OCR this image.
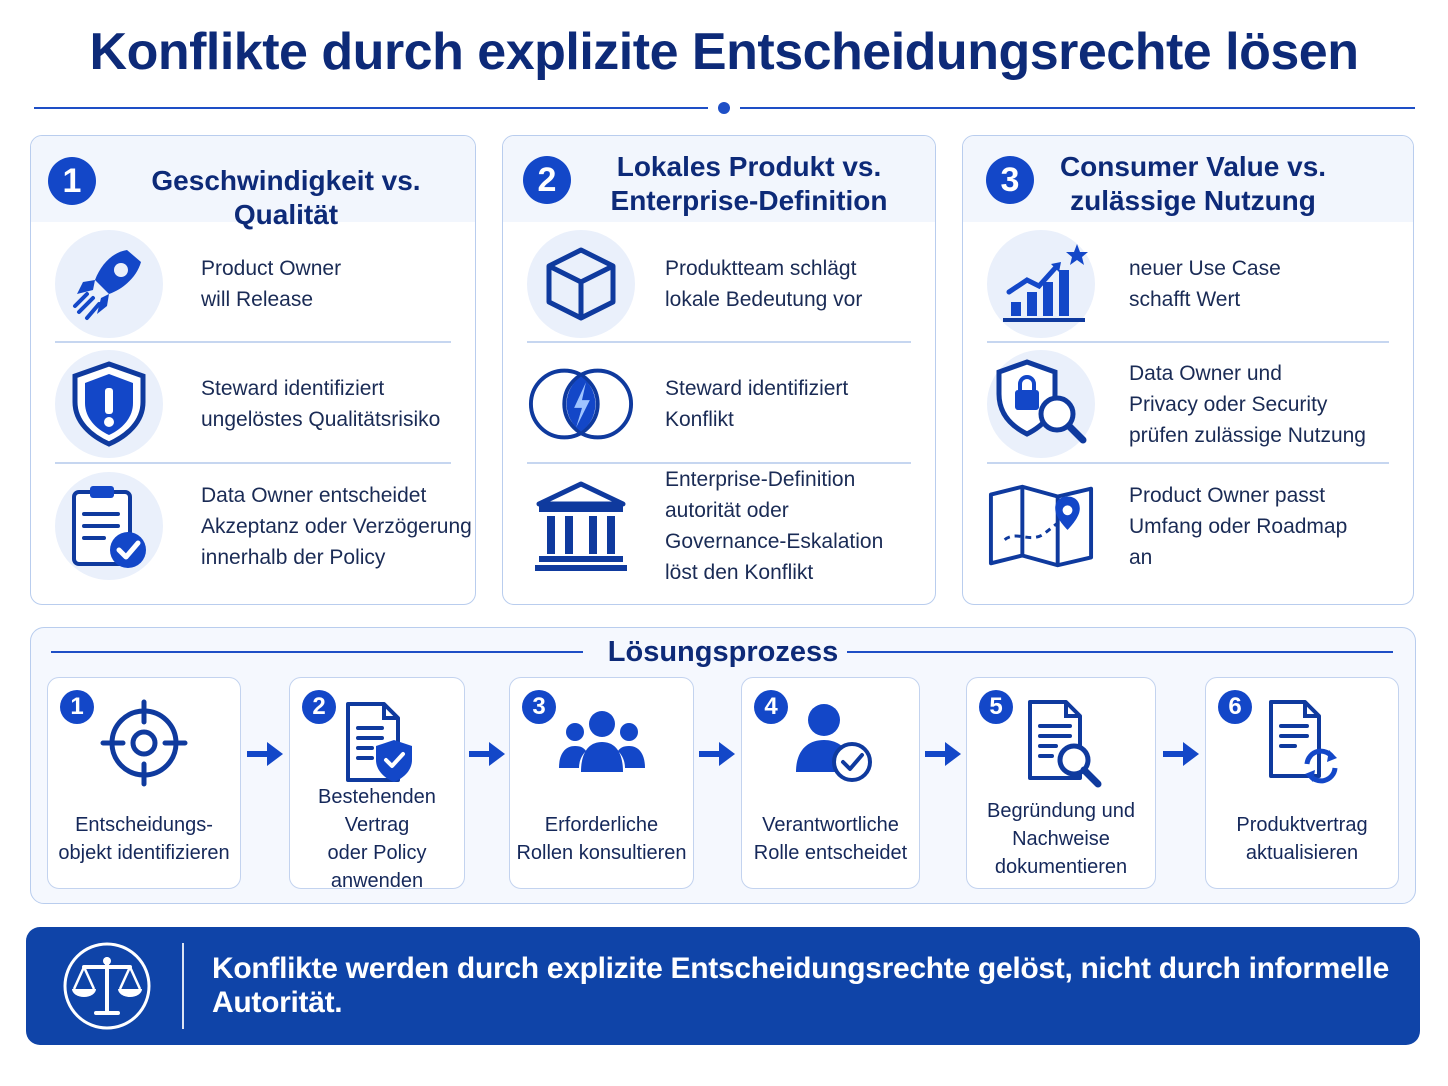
Konflikte durch explizite Entscheidungsrechte lösen
1	Geschwindigkeit vs. Qualität
Product Owner
will Release
Steward identifiziert
ungelöstes Qualitätsrisiko
Data Owner entscheidet
Akzeptanz oder Verzögerung
innerhalb der Policy
2	Lokales Produkt vs. Enterprise-Definition
Produktteam schlägt
lokale Bedeutung vor
Steward identifiziert
Konflikt
Enterprise-Definition
autorität oder
Governance-Eskalation
löst den Konflikt
3	Consumer Value vs. zulässige Nutzung
neuer Use Case
schafft Wert
Data Owner und
Privacy oder Security
prüfen zulässige Nutzung
Product Owner passt
Umfang oder Roadmap
an
Lösungsprozess
1
Entscheidungs-
objekt identifizieren
2
Bestehenden Vertrag
oder Policy
anwenden
3
Erforderliche
Rollen konsultieren
4
Verantwortliche
Rolle entscheidet
5
Begründung und
Nachweise
dokumentieren
6
Produktvertrag
aktualisieren
Konflikte werden durch explizite Entscheidungsrechte gelöst, nicht durch informelle Autorität.
